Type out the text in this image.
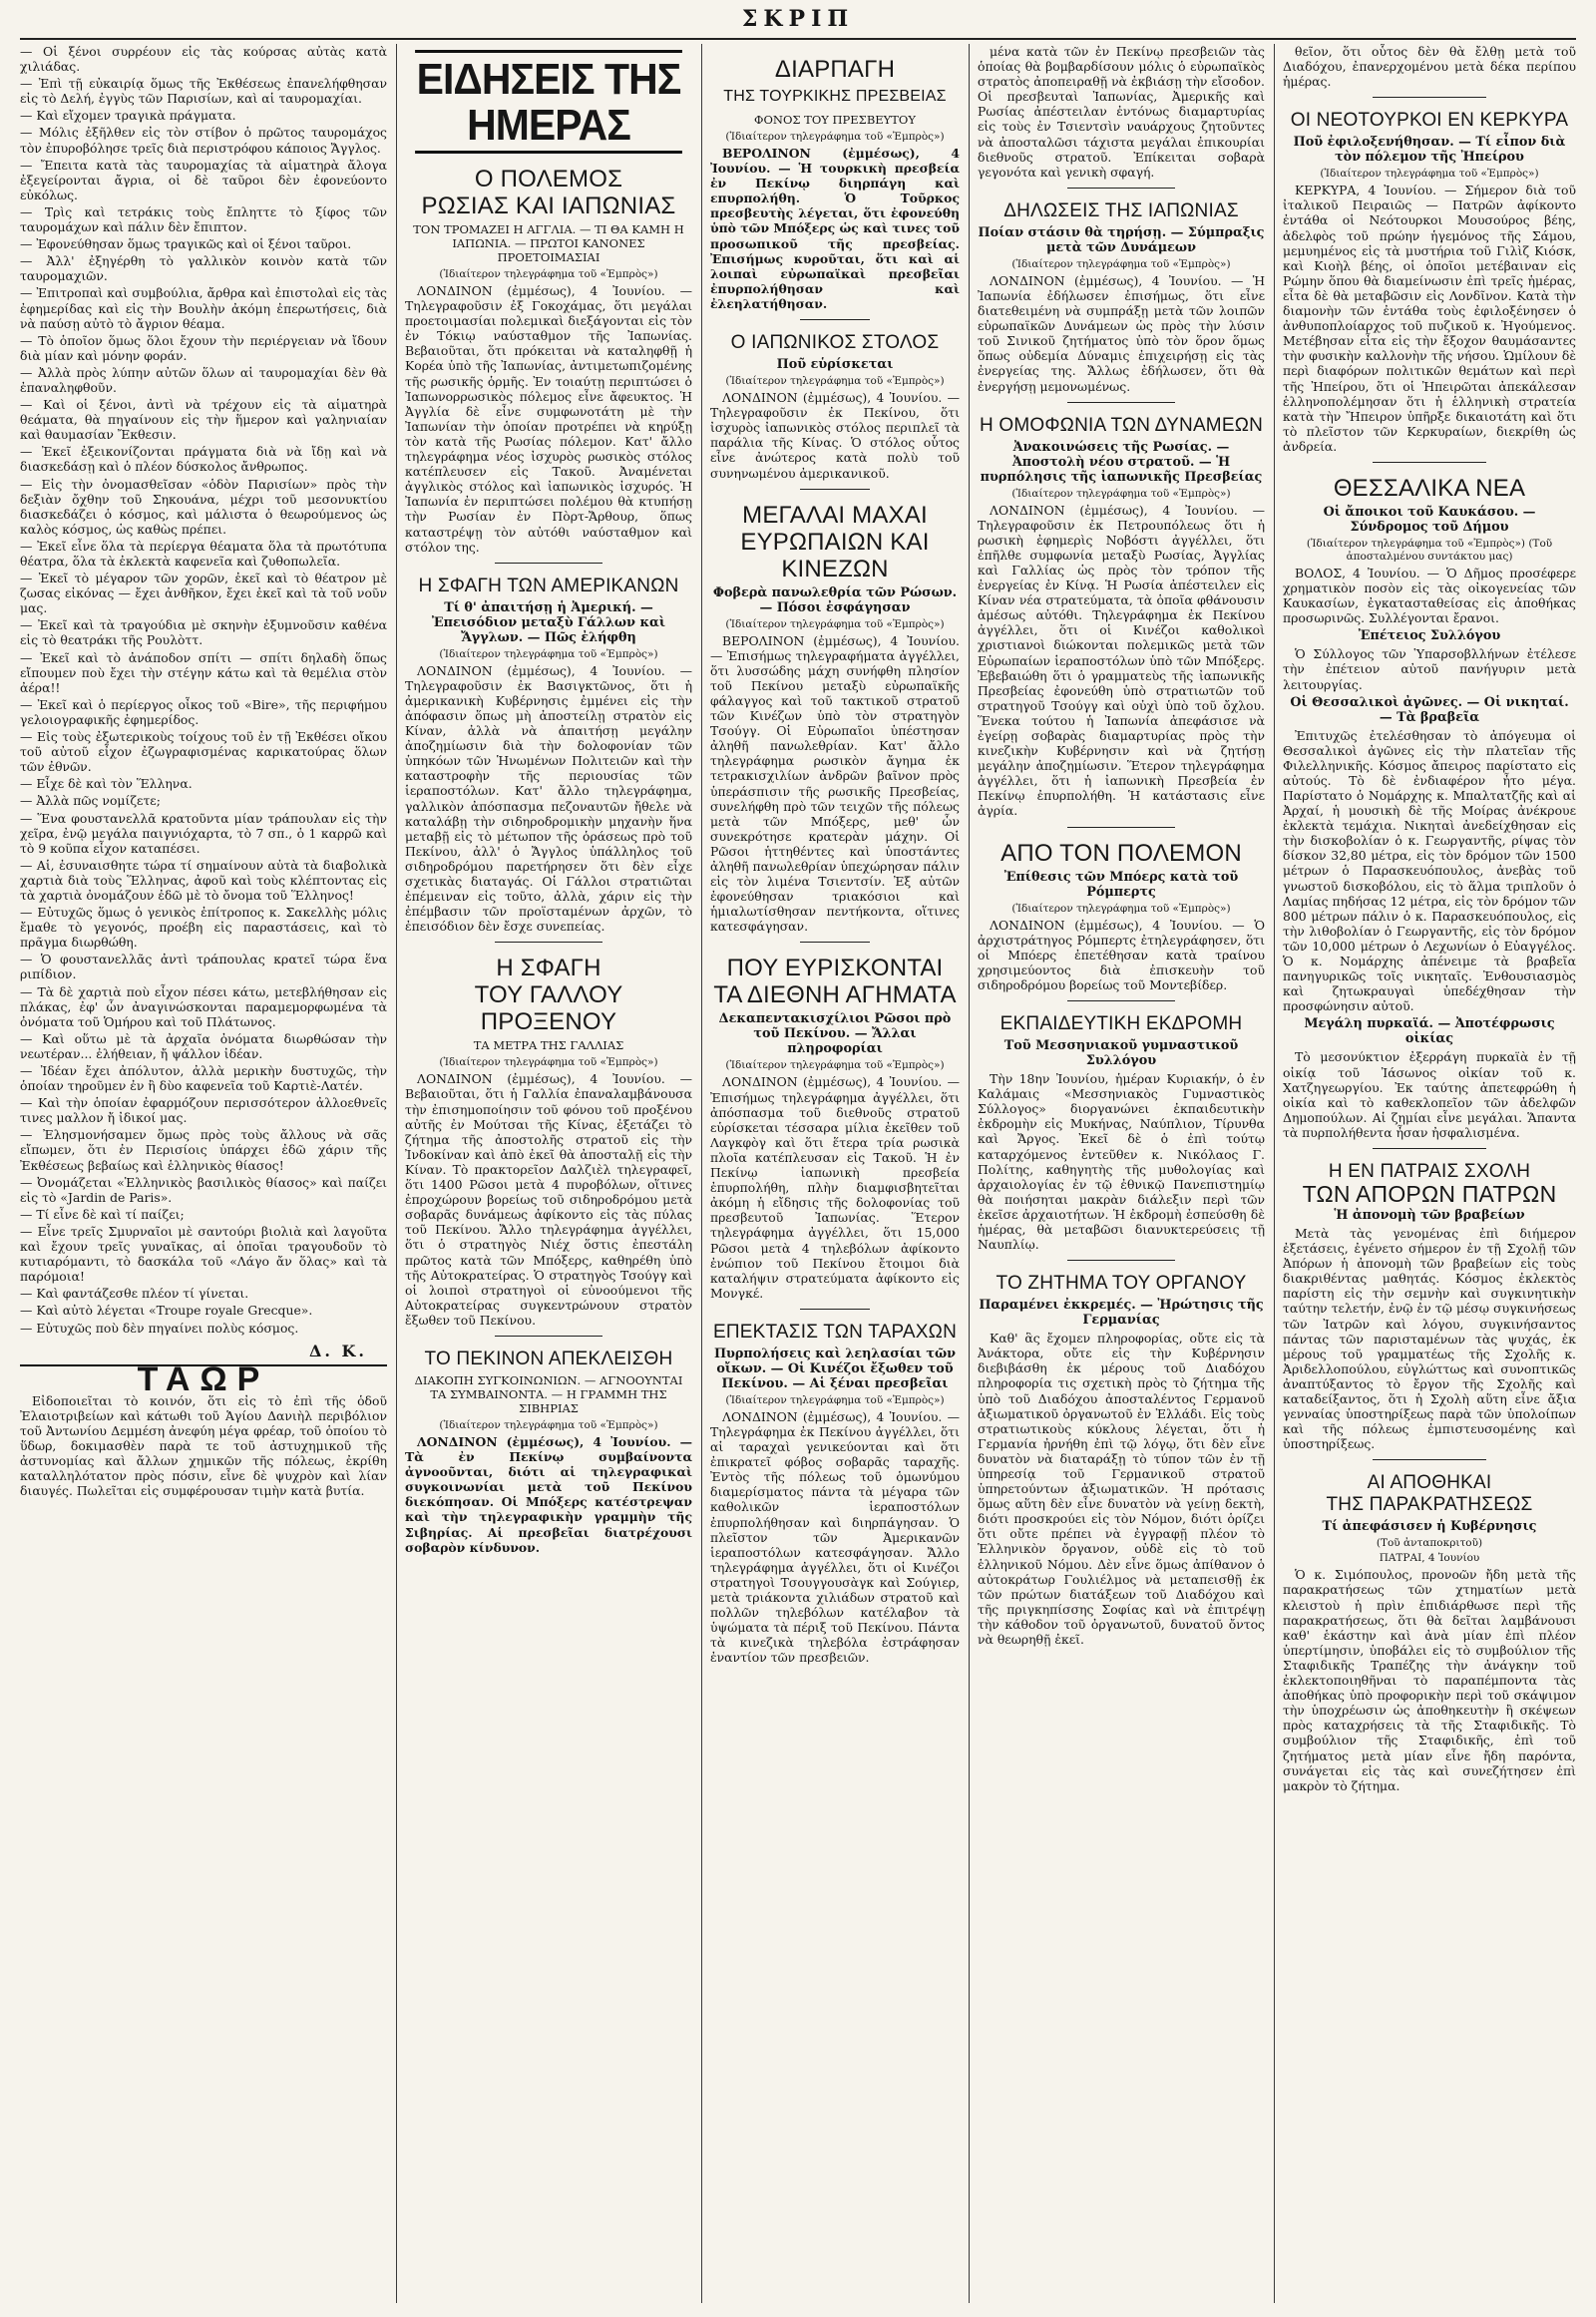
ΣΚΡΙΠ

— Οἱ ξένοι συρρέουν εἰς τὰς κούρσας αὐτὰς κατὰ χιλιάδας.

— Ἐπὶ τῇ εὐκαιρίᾳ ὅμως τῆς Ἐκθέσεως ἐπανελήφθησαν εἰς τὸ Δελή, ἐγγὺς τῶν Παρισίων, καὶ αἱ ταυρομαχίαι.

— Καὶ εἴχομεν τραγικὰ πράγματα.

— Μόλις ἐξῆλθεν εἰς τὸν στίβον ὁ πρῶτος ταυρομάχος τὸν ἐπυροβόλησε τρεῖς διὰ περιστρόφου κάποιος Ἄγγλος.

— Ἔπειτα κατὰ τὰς ταυρομαχίας τὰ αἱματηρὰ ἄλογα ἐξεγείρονται ἄγρια, οἱ δὲ ταῦροι δὲν ἐφονεύοντο εὐκόλως.

— Τρὶς καὶ τετράκις τοὺς ἔπληττε τὸ ξίφος τῶν ταυρομάχων καὶ πάλιν δὲν ἔπιπτον.

— Ἐφονεύθησαν ὅμως τραγικῶς καὶ οἱ ξένοι ταῦροι.

— Ἀλλ' ἐξηγέρθη τὸ γαλλικὸν κοινὸν κατὰ τῶν ταυρομαχιῶν.

— Ἐπιτροπαὶ καὶ συμβούλια, ἄρθρα καὶ ἐπιστολαὶ εἰς τὰς ἐφημερίδας καὶ εἰς τὴν Βουλὴν ἀκόμη ἐπερωτήσεις, διὰ νὰ παύσῃ αὐτὸ τὸ ἄγριον θέαμα.

— Τὸ ὁποῖον ὅμως ὅλοι ἔχουν τὴν περιέργειαν νὰ ἴδουν διὰ μίαν καὶ μόνην φοράν.

— Ἀλλὰ πρὸς λύπην αὐτῶν ὅλων αἱ ταυρομαχίαι δὲν θὰ ἐπαναληφθοῦν.

— Καὶ οἱ ξένοι, ἀντὶ νὰ τρέχουν εἰς τὰ αἱματηρὰ θεάματα, θὰ πηγαίνουν εἰς τὴν ἥμερον καὶ γαληνιαίαν καὶ θαυμασίαν Ἔκθεσιν.

— Ἐκεῖ ἐξεικονίζονται πράγματα διὰ νὰ ἴδῃ καὶ νὰ διασκεδάσῃ καὶ ὁ πλέον δύσκολος ἄνθρωπος.

— Εἰς τὴν ὀνομασθεῖσαν «ὁδὸν Παρισίων» πρὸς τὴν δεξιὰν ὄχθην τοῦ Σηκουάνα, μέχρι τοῦ μεσονυκτίου διασκεδάζει ὁ κόσμος, καὶ μάλιστα ὁ θεωρούμενος ὡς καλὸς κόσμος, ὡς καθὼς πρέπει.

— Ἐκεῖ εἶνε ὅλα τὰ περίεργα θέαματα ὅλα τὰ πρωτότυπα θέατρα, ὅλα τὰ ἐκλεκτὰ καφενεῖα καὶ ζυθοπωλεῖα.

— Ἐκεῖ τὸ μέγαρον τῶν χορῶν, ἐκεῖ καὶ τὸ θέατρον μὲ ζωσας εἰκόνας — ἔχει ἀνθῆκον, ἔχει ἐκεῖ καὶ τὰ τοῦ νοῦν μας.

— Ἐκεῖ καὶ τὰ τραγούδια μὲ σκηνὴν ἐξυμνοῦσιν καθένα εἰς τὸ θεατράκι τῆς Ρουλὸττ.

— Ἐκεῖ καὶ τὸ ἀνάποδον σπίτι — σπίτι δηλαδὴ ὅπως εἴπουμεν ποὺ ἔχει τὴν στέγην κάτω καὶ τὰ θεμέλια στὸν ἀέρα!!

— Ἐκεῖ καὶ ὁ περίεργος οἶκος τοῦ «Bire», τῆς περιφήμου γελοιογραφικῆς ἐφημερίδος.

— Εἰς τοὺς ἐξωτερικοὺς τοίχους τοῦ ἐν τῇ Ἐκθέσει οἴκου τοῦ αὐτοῦ εἶχον ἐζωγραφισμένας καρικατούρας ὅλων τῶν ἐθνῶν.

— Εἶχε δὲ καὶ τὸν Ἕλληνα.

— Ἀλλὰ πῶς νομίζετε;

— Ἕνα φουστανελλᾶ κρατοῦντα μίαν τράπουλαν εἰς τὴν χεῖρα, ἐνῷ μεγάλα παιγνιόχαρτα, τὸ 7 σπ., ὁ 1 καρρῶ καὶ τὸ 9 κοῦπα εἶχον καταπέσει.

— Αἱ, ἐσυναισθητε τώρα τί σημαίνουν αὐτὰ τὰ διαβολικὰ χαρτιὰ διὰ τοὺς Ἕλληνας, ἀφοῦ καὶ τοὺς κλέπτοντας εἰς τὰ χαρτιὰ ὀνομάζουν ἐδῶ μὲ τὸ ὄνομα τοῦ Ἕλληνος!

— Εὐτυχῶς ὅμως ὁ γενικὸς ἐπίτροπος κ. Σακελλὴς μόλις ἔμαθε τὸ γεγονός, προέβη εἰς παραστάσεις, καὶ τὸ πρᾶγμα διωρθώθη.

— Ὁ φουστανελλᾶς ἀντὶ τράπουλας κρατεῖ τώρα ἕνα ριπίδιον.

— Τὰ δὲ χαρτιὰ ποὺ εἶχον πέσει κάτω, μετεβλήθησαν εἰς πλάκας, ἐφ' ὧν ἀναγινώσκονται παραμεμορφωμένα τὰ ὀνόματα τοῦ Ὁμήρου καὶ τοῦ Πλάτωνος.

— Καὶ οὕτω μὲ τὰ ἀρχαῖα ὀνόματα διωρθώσαν τὴν νεωτέραν... ἐλήθειαν, ἤ ψάλλον ἰδέαν.

— Ἰδέαν ἔχει ἀπόλυτον, ἀλλὰ μερικὴν δυστυχῶς, τὴν ὁποίαν τηροῦμεν ἐν ἢ δὺο καφενεῖα τοῦ Καρτιὲ-Λατέν.

— Καὶ τὴν ὁποίαν ἐφαρμόζουν περισσότερον ἀλλοεθνεῖς τινες μαλλον ἤ ἰδικοί μας.

— Ἐλησμονήσαμεν ὅμως πρὸς τοὺς ἄλλους νὰ σᾶς εἴπωμεν, ὅτι ἐν Περισίοις ὑπάρχει ἐδῶ χάριν τῆς Ἐκθέσεως βεβαίως καὶ ἑλληνικὸς θίασος!

— Ὀνομάζεται «Ἑλληνικὸς βασιλικὸς θίασος» καὶ παίζει εἰς τὸ «Jardin de Paris».

— Τί εἶνε δὲ καὶ τί παίζει;

— Εἶνε τρεῖς Σμυρναῖοι μὲ σαντούρι βιολιὰ καὶ λαγοῦτα καὶ ἔχουν τρεῖς γυναῖκας, αἱ ὁποῖαι τραγουδοῦν τὸ κυτιαρόμαντι, τὸ δασκάλα τοῦ «Λάγο ἄν ὅλας» καὶ τὰ παρόμοια!

— Καὶ φαντάζεσθε πλέον τί γίνεται.

— Καὶ αὐτὸ λέγεται «Troupe royale Grecque».

— Εὐτυχῶς ποὺ δὲν πηγαίνει πολὺς κόσμος.

Δ. Κ.
ΤΑΩΡ

Εἰδοποιεῖται τὸ κοινόν, ὅτι εἰς τὸ ἐπὶ τῆς ὁδοῦ Ἐλαιοτριβείων καὶ κάτωθι τοῦ Ἁγίου Δανιὴλ περιβόλιον τοῦ Ἀντωνίου Δεμμέση ἀνεφύη μέγα φρέαρ, τοῦ ὁποίου τὸ ὕδωρ, δοκιμασθὲν παρὰ τε τοῦ ἀστυχημικοῦ τῆς ἀστυνομίας καὶ ἄλλων χημικῶν τῆς πόλεως, ἐκρίθη καταλληλότατον πρὸς πόσιν, εἶνε δὲ ψυχρὸν καὶ λίαν διαυγές. Πωλεῖται εἰς συμφέρουσαν τιμὴν κατὰ βυτία.

ΕΙΔΗΣΕΙΣ ΤΗΣ ΗΜΕΡΑΣ
Ο ΠΟΛΕΜΟΣ
ΡΩΣΙΑΣ ΚΑΙ ΙΑΠΩΝΙΑΣ
ΤΟΝ ΤΡΟΜΑΖΕΙ Η ΑΓΓΛΙΑ. — ΤΙ ΘΑ ΚΑΜΗ Η ΙΑΠΩΝΙΑ. — ΠΡΩΤΟΙ ΚΑΝΟΝΕΣ ΠΡΟΕΤΟΙΜΑΣΙΑΙ
(Ἰδιαίτερον τηλεγράφημα τοῦ «Ἐμπρὸς»)

ΛΟΝΔΙΝΟΝ (ἐμμέσως), 4 Ἰουνίου. — Τηλεγραφοῦσιν ἐξ Γοκοχάμας, ὅτι μεγάλαι προετοιμασίαι πολεμικαὶ διεξάγονται εἰς τὸν ἐν Τόκιῳ ναύσταθμον τῆς Ἰαπωνίας. Βεβαιοῦται, ὅτι πρόκειται νὰ καταληφθῇ ἡ Κορέα ὑπὸ τῆς Ἰαπωνίας, ἀντιμετωπιζομένης τῆς ρωσικῆς ὁρμῆς. Ἐν τοιαύτῃ περιπτώσει ὁ Ἰαπωνορρωσικὸς πόλεμος εἶνε ἄφευκτος. Ἡ Ἀγγλία δὲ εἶνε συμφωνοτάτη μὲ τὴν Ἰαπωνίαν τὴν ὁποίαν προτρέπει νὰ κηρύξῃ τὸν κατὰ τῆς Ρωσίας πόλεμον. Κατ' ἄλλο τηλεγράφημα νέος ἰσχυρὸς ρωσικὸς στόλος κατέπλευσεν εἰς Τακοῦ. Ἀναμένεται ἀγγλικὸς στόλος καὶ ἰαπωνικὸς ἰσχυρός. Ἡ Ἰαπωνία ἐν περιπτώσει πολέμου θὰ κτυπήσῃ τὴν Ρωσίαν ἐν Πὸρτ-Ἄρθουρ, ὅπως καταστρέψῃ τὸν αὐτόθι ναύσταθμον καὶ στόλον της.

Η ΣΦΑΓΗ ΤΩΝ ΑΜΕΡΙΚΑΝΩΝ
Τί θ' ἀπαιτήσῃ ἡ Ἀμερική. — Ἐπεισόδιον μεταξὺ Γάλλων καὶ Ἄγγλων. — Πῶς ἐλήφθη
(Ἰδιαίτερον τηλεγράφημα τοῦ «Ἐμπρὸς»)

ΛΟΝΔΙΝΟΝ (ἐμμέσως), 4 Ἰουνίου. — Τηλεγραφοῦσιν ἐκ Βασιγκτῶνος, ὅτι ἡ ἀμερικανικὴ Κυβέρνησις ἐμμένει εἰς τὴν ἀπόφασιν ὅπως μὴ ἀποστείλῃ στρατὸν εἰς Κίναν, ἀλλὰ νὰ ἀπαιτήσῃ μεγάλην ἀποζημίωσιν διὰ τὴν δολοφονίαν τῶν ὑπηκόων τῶν Ἡνωμένων Πολιτειῶν καὶ τὴν καταστροφὴν τῆς περιουσίας τῶν ἱεραποστόλων. Κατ' ἄλλο τηλεγράφημα, γαλλικὸν ἀπόσπασμα πεζοναυτῶν ἤθελε νὰ καταλάβῃ τὴν σιδηροδρομικὴν μηχανὴν ἥνα μεταβῇ εἰς τὸ μέτωπον τῆς ὁράσεως πρὸ τοῦ Πεκίνου, ἀλλ' ὁ Ἄγγλος ὑπάλληλος τοῦ σιδηροδρόμου παρετήρησεν ὅτι δὲν εἶχε σχετικὰς διαταγάς. Οἱ Γάλλοι στρατιῶται ἐπέμειναν εἰς τοῦτο, ἀλλὰ, χάριν εἰς τὴν ἐπέμβασιν τῶν προϊσταμένων ἀρχῶν, τὸ ἐπεισόδιον δὲν ἔσχε συνεπείας.

Η ΣΦΑΓΗ
ΤΟΥ ΓΑΛΛΟΥ ΠΡΟΞΕΝΟΥ
ΤΑ ΜΕΤΡΑ ΤΗΣ ΓΑΛΛΙΑΣ
(Ἰδιαίτερον τηλεγράφημα τοῦ «Ἐμπρὸς»)

ΛΟΝΔΙΝΟΝ (ἐμμέσως), 4 Ἰουνίου. — Βεβαιοῦται, ὅτι ἡ Γαλλία ἐπαναλαμβάνουσα τὴν ἐπισημοποίησιν τοῦ φόνου τοῦ προξένου αὐτῆς ἐν Μούτσαι τῆς Κίνας, ἐξετάζει τὸ ζήτημα τῆς ἀποστολῆς στρατοῦ εἰς τὴν Ἰνδοκίναν καὶ ἀπὸ ἐκεῖ θὰ ἀποσταλῇ εἰς τὴν Κίναν. Τὸ πρακτορεῖον Δαλζιὲλ τηλεγραφεῖ, ὅτι 1400 Ρῶσοι μετὰ 4 πυροβόλων, οἵτινες ἐπροχώρουν βορείως τοῦ σιδηροδρόμου μετὰ σοβαρᾶς δυνάμεως ἀφίκοντο εἰς τὰς πύλας τοῦ Πεκίνου. Ἄλλο τηλεγράφημα ἀγγέλλει, ὅτι ὁ στρατηγὸς Νιέχ ὅστις ἐπεστάλη πρῶτος κατὰ τῶν Μπόξερς, καθηρέθη ὑπὸ τῆς Αὐτοκρατείρας. Ὁ στρατηγὸς Τσούγγ καὶ οἱ λοιποὶ στρατηγοὶ οἱ εὐνοούμενοι τῆς Αὐτοκρατείρας συγκεντρώνουν στρατὸν ἔξωθεν τοῦ Πεκίνου.

ΤΟ ΠΕΚΙΝΟΝ ΑΠΕΚΛΕΙΣΘΗ
ΔΙΑΚΟΠΗ ΣΥΓΚΟΙΝΩΝΙΩΝ. — ΑΓΝΟΟΥΝΤΑΙ ΤΑ ΣΥΜΒΑΙΝΟΝΤΑ. — Η ΓΡΑΜΜΗ ΤΗΣ ΣΙΒΗΡΙΑΣ
(Ἰδιαίτερον τηλεγράφημα τοῦ «Ἐμπρὸς»)

ΛΟΝΔΙΝΟΝ (ἐμμέσως), 4 Ἰουνίου. — Τὰ ἐν Πεκίνῳ συμβαίνοντα ἀγνοοῦνται, διότι αἱ τηλεγραφικαὶ συγκοινωνίαι μετὰ τοῦ Πεκίνου διεκόπησαν. Οἱ Μπόξερς κατέστρεψαν καὶ τὴν τηλεγραφικὴν γραμμὴν τῆς Σιβηρίας. Αἱ πρεσβεῖαι διατρέχουσι σοβαρὸν κίνδυνον.

ΔΙΑΡΠΑΓΗ
ΤΗΣ ΤΟΥΡΚΙΚΗΣ ΠΡΕΣΒΕΙΑΣ
ΦΟΝΟΣ ΤΟΥ ΠΡΕΣΒΕΥΤΟΥ
(Ἰδιαίτερον τηλεγράφημα τοῦ «Ἐμπρὸς»)

ΒΕΡΟΛΙΝΟΝ (ἐμμέσως), 4 Ἰουνίου. — Ἡ τουρκικὴ πρεσβεία ἐν Πεκίνῳ διηρπάγη καὶ επυρπολήθη. Ὁ Τοῦρκος πρεσβευτὴς λέγεται, ὅτι ἐφονεύθη ὑπὸ τῶν Μπόξερς ὡς καὶ τινες τοῦ προσωπικοῦ τῆς πρεσβείας. Ἐπισήμως κυροῦται, ὅτι καὶ αἱ λοιπαὶ εὐρωπαϊκαὶ πρεσβεῖαι ἐπυρπολήθησαν καὶ ἐλεηλατήθησαν.

Ο ΙΑΠΩΝΙΚΟΣ ΣΤΟΛΟΣ
Ποῦ εὑρίσκεται
(Ἰδιαίτερον τηλεγράφημα τοῦ «Ἐμπρὸς»)

ΛΟΝΔΙΝΟΝ (ἐμμέσως), 4 Ἰουνίου. — Τηλεγραφοῦσιν ἐκ Πεκίνου, ὅτι ἰσχυρὸς ἰαπωνικὸς στόλος περιπλεῖ τὰ παράλια τῆς Κίνας. Ὁ στόλος οὗτος εἶνε ἀνώτερος κατὰ πολὺ τοῦ συνηνωμένου ἀμερικανικοῦ.

ΜΕΓΑΛΑΙ ΜΑΧΑΙ
ΕΥΡΩΠΑΙΩΝ ΚΑΙ ΚΙΝΕΖΩΝ
Φοβερὰ πανωλεθρία τῶν Ρώσων. — Πόσοι ἐσφάγησαν
(Ἰδιαίτερον τηλεγράφημα τοῦ «Ἐμπρὸς»)

ΒΕΡΟΛΙΝΟΝ (ἐμμέσως), 4 Ἰουνίου. — Ἐπισήμως τηλεγραφήματα ἀγγέλλει, ὅτι λυσσώδης μάχη συνήφθη πλησίον τοῦ Πεκίνου μεταξὺ εὐρωπαϊκῆς φάλαγγος καὶ τοῦ τακτικοῦ στρατοῦ τῶν Κινέζων ὑπὸ τὸν στρατηγὸν Τσούγγ. Οἱ Εὐρωπαῖοι ὑπέστησαν ἀληθῆ πανωλεθρίαν. Κατ' ἄλλο τηλεγράφημα ρωσικὸν ἄγημα ἐκ τετρακισχιλίων ἀνδρῶν βαῖνον πρὸς ὑπεράσπισιν τῆς ρωσικῆς Πρεσβείας, συνελήφθη πρὸ τῶν τειχῶν τῆς πόλεως μετὰ τῶν Μπόξερς, μεθ' ὧν συνεκρότησε κρατερὰν μάχην. Οἱ Ρῶσοι ἡττηθέντες καὶ ὑποστάντες ἀληθῆ πανωλεθρίαν ὑπεχώρησαν πάλιν εἰς τὸν λιμένα Τσιεντσίν. Ἐξ αὐτῶν ἐφονεύθησαν τριακόσιοι καὶ ἡμιαλωτίσθησαν πεντήκοντα, οἵτινες κατεσφάγησαν.

ΠΟΥ ΕΥΡΙΣΚΟΝΤΑΙ
ΤΑ ΔΙΕΘΝΗ ΑΓΗΜΑΤΑ
Δεκαπεντακισχίλιοι Ρῶσοι πρὸ τοῦ Πεκίνου. — Ἄλλαι πληροφορίαι
(Ἰδιαίτερον τηλεγράφημα τοῦ «Ἐμπρὸς»)

ΛΟΝΔΙΝΟΝ (ἐμμέσως), 4 Ἰουνίου. — Ἐπισήμως τηλεγράφημα ἀγγέλλει, ὅτι ἀπόσπασμα τοῦ διεθνοῦς στρατοῦ εὑρίσκεται τέσσαρα μίλια ἐκεῖθεν τοῦ Λαγκφὸγ καὶ ὅτι ἕτερα τρία ρωσικὰ πλοῖα κατέπλευσαν εἰς Τακοῦ. Ἡ ἐν Πεκίνῳ ἰαπωνικὴ πρεσβεία ἐπυρπολήθη, πλὴν διαμφισβητεῖται ἀκόμη ἡ εἴδησις τῆς δολοφονίας τοῦ πρεσβευτοῦ Ἰαπωνίας. Ἕτερον τηλεγράφημα ἀγγέλλει, ὅτι 15,000 Ρῶσοι μετὰ 4 τηλεβόλων ἀφίκοντο ἐνώπιον τοῦ Πεκίνου ἔτοιμοι διὰ καταλήψιν στρατεύματα ἀφίκοντο εἰς Μονγκέ.

ΕΠΕΚΤΑΣΙΣ ΤΩΝ ΤΑΡΑΧΩΝ
Πυρπολήσεις καὶ λεηλασίαι τῶν οἴκων. — Οἱ Κινέζοι ἔξωθεν τοῦ Πεκίνου. — Αἱ ξέναι πρεσβεῖαι
(Ἰδιαίτερον τηλεγράφημα τοῦ «Ἐμπρὸς»)

ΛΟΝΔΙΝΟΝ (ἐμμέσως), 4 Ἰουνίου. — Τηλεγράφημα ἐκ Πεκίνου ἀγγέλλει, ὅτι αἱ ταραχαὶ γενικεύονται καὶ ὅτι ἐπικρατεῖ φόβος σοβαρᾶς ταραχῆς. Ἐντὸς τῆς πόλεως τοῦ ὁμωνύμου διαμερίσματος πάντα τὰ μέγαρα τῶν καθολικῶν ἱεραποστόλων ἐπυρπολήθησαν καὶ διηρπάγησαν. Ὁ πλεῖστον τῶν Ἀμερικανῶν ἱεραποστόλων κατεσφάγησαν. Ἄλλο τηλεγράφημα ἀγγέλλει, ὅτι οἱ Κινέζοι στρατηγοὶ Τσουγγουσὰγκ καὶ Σούγιερ, μετὰ τριάκοντα χιλιάδων στρατοῦ καὶ πολλῶν τηλεβόλων κατέλαβον τὰ ὑψώματα τὰ πέριξ τοῦ Πεκίνου. Πάντα τὰ κινεζικὰ τηλεβόλα ἐστράφησαν ἐναντίον τῶν πρεσβειῶν.

μένα κατὰ τῶν ἐν Πεκίνῳ πρεσβειῶν τὰς ὁποίας θὰ βομβαρδίσουν μόλις ὁ εὐρωπαϊκὸς στρατὸς ἀποπειραθῇ νὰ ἐκβιάσῃ τὴν εἴσοδον. Οἱ πρεσβευταὶ Ἰαπωνίας, Ἀμερικῆς καὶ Ρωσίας ἀπέστειλαν ἐντόνως διαμαρτυρίας εἰς τοὺς ἐν Τσιεντσὶν ναυάρχους ζητοῦντες νὰ ἀποσταλῶσι τάχιστα μεγάλαι ἐπικουρίαι διεθνοῦς στρατοῦ. Ἐπίκειται σοβαρὰ γεγονότα καὶ γενικὴ σφαγή.

ΔΗΛΩΣΕΙΣ ΤΗΣ ΙΑΠΩΝΙΑΣ
Ποίαν στάσιν θὰ τηρήσῃ. — Σύμπραξις μετὰ τῶν Δυνάμεων
(Ἰδιαίτερον τηλεγράφημα τοῦ «Ἐμπρὸς»)

ΛΟΝΔΙΝΟΝ (ἐμμέσως), 4 Ἰουνίου. — Ἡ Ἰαπωνία ἐδήλωσεν ἐπισήμως, ὅτι εἶνε διατεθειμένη νὰ συμπράξῃ μετὰ τῶν λοιπῶν εὐρωπαϊκῶν Δυνάμεων ὡς πρὸς τὴν λύσιν τοῦ Σινικοῦ ζητήματος ὑπὸ τὸν ὅρον ὅμως ὅπως οὐδεμία Δύναμις ἐπιχειρήσῃ εἰς τὰς ἐνεργείας της. Ἄλλως ἐδήλωσεν, ὅτι θὰ ἐνεργήσῃ μεμονωμένως.

Η ΟΜΟΦΩΝΙΑ ΤΩΝ ΔΥΝΑΜΕΩΝ
Ἀνακοινώσεις τῆς Ρωσίας. — Ἀποστολὴ νέου στρατοῦ. — Ἡ πυρπόλησις τῆς ἰαπωνικῆς Πρεσβείας
(Ἰδιαίτερον τηλεγράφημα τοῦ «Ἐμπρὸς»)

ΛΟΝΔΙΝΟΝ (ἐμμέσως), 4 Ἰουνίου. — Τηλεγραφοῦσιν ἐκ Πετρουπόλεως ὅτι ἡ ρωσικὴ ἐφημερὶς Νοβόστι ἀγγέλλει, ὅτι ἐπῆλθε συμφωνία μεταξὺ Ρωσίας, Ἀγγλίας καὶ Γαλλίας ὡς πρὸς τὸν τρόπον τῆς ἐνεργείας ἐν Κίνᾳ. Ἡ Ρωσία ἀπέστειλεν εἰς Κίναν νέα στρατεύματα, τὰ ὁποῖα φθάνουσιν ἀμέσως αὐτόθι. Τηλεγράφημα ἐκ Πεκίνου ἀγγέλλει, ὅτι οἱ Κινέζοι καθολικοὶ χριστιανοὶ διώκονται πολεμικῶς μετὰ τῶν Εὐρωπαίων ἱεραποστόλων ὑπὸ τῶν Μπόξερς. Ἐβεβαιώθη ὅτι ὁ γραμματεὺς τῆς ἰαπωνικῆς Πρεσβείας ἐφονεύθη ὑπὸ στρατιωτῶν τοῦ στρατηγοῦ Τσούγγ καὶ οὐχὶ ὑπὸ τοῦ ὄχλου. Ἕνεκα τούτου ἡ Ἰαπωνία ἀπεφάσισε νὰ ἐγείρῃ σοβαρὰς διαμαρτυρίας πρὸς τὴν κινεζικὴν Κυβέρνησιν καὶ νὰ ζητήσῃ μεγάλην ἀποζημίωσιν. Ἕτερον τηλεγράφημα ἀγγέλλει, ὅτι ἡ ἰαπωνικὴ Πρεσβεία ἐν Πεκίνῳ ἐπυρπολήθη. Ἡ κατάστασις εἶνε ἀγρία.

ΑΠΟ ΤΟΝ ΠΟΛΕΜΟΝ
Ἐπίθεσις τῶν Μπόερς κατὰ τοῦ Ρόμπερτς
(Ἰδιαίτερον τηλεγράφημα τοῦ «Ἐμπρὸς»)

ΛΟΝΔΙΝΟΝ (ἐμμέσως), 4 Ἰουνίου. — Ὁ ἀρχιστράτηγος Ρόμπερτς ἐτηλεγράφησεν, ὅτι οἱ Μπόερς ἐπετέθησαν κατὰ τραίνου χρησιμεύοντος διὰ ἐπισκευὴν τοῦ σιδηροδρόμου βορείως τοῦ Μοντεβίδερ.

ΕΚΠΑΙΔΕΥΤΙΚΗ ΕΚΔΡΟΜΗ
Τοῦ Μεσσηνιακοῦ γυμναστικοῦ Συλλόγου

Τὴν 18ην Ἰουνίου, ἡμέραν Κυριακήν, ὁ ἐν Καλάμαις «Μεσσηνιακὸς Γυμναστικὸς Σύλλογος» διοργανώνει ἐκπαιδευτικὴν ἐκδρομὴν εἰς Μυκήνας, Ναύπλιον, Τίρυνθα καὶ Ἄργος. Ἐκεῖ δὲ ὁ ἐπὶ τούτῳ καταρχόμενος ἐντεῦθεν κ. Νικόλαος Γ. Πολίτης, καθηγητὴς τῆς μυθολογίας καὶ ἀρχαιολογίας ἐν τῷ ἐθνικῷ Πανεπιστημίῳ θὰ ποιήσηται μακρὰν διάλεξιν περὶ τῶν ἐκεῖσε ἀρχαιοτήτων. Ἡ ἐκδρομὴ ἐσπεύσθη δὲ ἡμέρας, θὰ μεταβῶσι διανυκτερεύσεις τῇ Ναυπλίῳ.

ΤΟ ΖΗΤΗΜΑ ΤΟΥ ΟΡΓΑΝΟΥ
Παραμένει ἐκκρεμές. — Ἠρώτησις τῆς Γερμανίας

Καθ' ἃς ἔχομεν πληροφορίας, οὔτε εἰς τὰ Ἀνάκτορα, οὔτε εἰς τὴν Κυβέρνησιν διεβιβάσθη ἐκ μέρους τοῦ Διαδόχου πληροφορία τις σχετικὴ πρὸς τὸ ζήτημα τῆς ὑπὸ τοῦ Διαδόχου ἀποσταλέντος Γερμανοῦ ἀξιωματικοῦ ὀργανωτοῦ ἐν Ἑλλάδι. Εἰς τοὺς στρατιωτικοὺς κύκλους λέγεται, ὅτι ἡ Γερμανία ἠρνήθη ἐπὶ τῷ λόγῳ, ὅτι δὲν εἶνε δυνατὸν νὰ διαταράξῃ τὸ τύπον τῶν ἐν τῇ ὑπηρεσίᾳ τοῦ Γερμανικοῦ στρατοῦ ὑπηρετούντων ἀξιωματικῶν. Ἡ πρότασις ὅμως αὕτη δὲν εἶνε δυνατὸν νὰ γείνῃ δεκτὴ, διότι προσκρούει εἰς τὸν Νόμον, διότι ὁρίζει ὅτι οὔτε πρέπει νὰ ἐγγραφῇ πλέον τὸ Ἑλληνικὸν ὄργανον, οὐδὲ εἰς τὸ τοῦ ἑλληνικοῦ Νόμου. Δὲν εἶνε ὅμως ἀπίθανον ὁ αὐτοκράτωρ Γουλιέλμος νὰ μεταπεισθῇ ἐκ τῶν πρώτων διατάξεων τοῦ Διαδόχου καὶ τῆς πριγκηπίσσης Σοφίας καὶ νὰ ἐπιτρέψῃ τὴν κάθοδον τοῦ ὀργανωτοῦ, δυνατοῦ ὄντος νὰ θεωρηθῇ ἐκεῖ.

θεῖον, ὅτι οὗτος δὲν θὰ ἔλθῃ μετὰ τοῦ Διαδόχου, ἐπανερχομένου μετὰ δέκα περίπου ἡμέρας.

ΟΙ ΝΕΟΤΟΥΡΚΟΙ ΕΝ ΚΕΡΚΥΡΑ
Ποῦ ἐφιλοξενήθησαν. — Τί εἶπον διὰ τὸν πόλεμον τῆς Ἠπείρου
(Ἰδιαίτερον τηλεγράφημα τοῦ «Ἐμπρὸς»)

ΚΕΡΚΥΡΑ, 4 Ἰουνίου. — Σήμερον διὰ τοῦ ἰταλικοῦ Πειραιῶς — Πατρῶν ἀφίκοντο ἐντάθα οἱ Νεότουρκοι Μουσούρος βέης, ἀδελφὸς τοῦ πρώην ἡγεμόνος τῆς Σάμου, μεμυημένος εἰς τὰ μυστήρια τοῦ Γιλὶζ Κιόσκ, καὶ Κιοὴλ βέης, οἱ ὁποῖοι μετέβαιναν εἰς Ρώμην ὅπου θὰ διαμείνωσιν ἐπὶ τρεῖς ἡμέρας, εἶτα δὲ θὰ μεταβῶσιν εἰς Λονδῖνον. Κατὰ τὴν διαμονὴν τῶν ἐντάθα τοὺς ἐφιλοξένησεν ὁ ἀνθυποπλοίαρχος τοῦ πυζικοῦ κ. Ἠγούμενος. Μετέβησαν εἶτα εἰς τὴν ἔξοχον θαυμάσαντες τὴν φυσικὴν καλλονὴν τῆς νήσου. Ὡμίλουν δὲ περὶ διαφόρων πολιτικῶν θεμάτων καὶ περὶ τῆς Ἠπείρου, ὅτι οἱ Ἠπειρῶται ἀπεκάλεσαν ἑλληνοπολέμησαν ὅτι ἡ ἑλληνικὴ στρατεία κατὰ τὴν Ἤπειρον ὑπῆρξε δικαιοτάτη καὶ ὅτι τὸ πλεῖστον τῶν Κερκυραίων, διεκρίθη ὡς ἀνδρεία.

ΘΕΣΣΑΛΙΚΑ ΝΕΑ
Οἱ ἄποικοι τοῦ Καυκάσου. — Σύνδρομος τοῦ Δήμου
(Ἰδιαίτερον τηλεγράφημα τοῦ «Ἐμπρὸς») (Τοῦ ἀποσταλμένου συντάκτου μας)

ΒΟΛΟΣ, 4 Ἰουνίου. — Ὁ Δῆμος προσέφερε χρηματικὸν ποσὸν εἰς τὰς οἰκογενείας τῶν Καυκασίων, ἐγκατασταθείσας εἰς ἀποθήκας προσωρινῶς. Συλλέγονται ἔρανοι.

Ἐπέτειος Συλλόγου

Ὁ Σύλλογος τῶν Ὑπαρσοβλλήνων ἐτέλεσε τὴν ἐπέτειον αὐτοῦ πανήγυριν μετὰ λειτουργίας.

Οἱ Θεσσαλικοὶ ἀγῶνες. — Οἱ νικηταί. — Τὰ βραβεῖα

Ἐπιτυχῶς ἐτελέσθησαν τὸ ἀπόγευμα οἱ Θεσσαλικοὶ ἀγῶνες εἰς τὴν πλατεῖαν τῆς Φιλελληνικῆς. Κόσμος ἄπειρος παρίστατο εἰς αὐτούς. Τὸ δὲ ἐνδιαφέρον ἦτο μέγα. Παρίστατο ὁ Νομάρχης κ. Μπαλτατζῆς καὶ αἱ Ἀρχαί, ἡ μουσικὴ δὲ τῆς Μοίρας ἀνέκρουε ἐκλεκτὰ τεμάχια. Νικηταὶ ἀνεδείχθησαν εἰς τὴν δισκοβολίαν ὁ κ. Γεωργαντῆς, ρίψας τὸν δίσκον 32,80 μέτρα, εἰς τὸν δρόμον τῶν 1500 μέτρων ὁ Παρασκευόπουλος, ἀνεβὰς τοῦ γνωστοῦ δισκοβόλου, εἰς τὸ ἅλμα τριπλοῦν ὁ Λαμίας πηδήσας 12 μέτρα, εἰς τὸν δρόμον τῶν 800 μέτρων πάλιν ὁ κ. Παρασκευόπουλος, εἰς τὴν λιθοβολίαν ὁ Γεωργαντῆς, εἰς τὸν δρόμον τῶν 10,000 μέτρων ὁ Λεχωνίων ὁ Εὐαγγέλος. Ὁ κ. Νομάρχης ἀπένειμε τὰ βραβεῖα πανηγυρικῶς τοῖς νικηταῖς. Ἐνθουσιασμὸς καὶ ζητωκραυγαὶ ὑπεδέχθησαν τὴν προσφώνησιν αὐτοῦ.

Μεγάλη πυρκαϊά. — Ἀποτέφρωσις οἰκίας

Τὸ μεσονύκτιον ἐξερράγη πυρκαϊὰ ἐν τῇ οἰκίᾳ τοῦ Ἰάσωνος οἰκίαν τοῦ κ. Χατζηγεωργίου. Ἐκ ταύτης ἀπετεφρώθη ἡ οἰκία καὶ τὸ καθεκλοπεῖον τῶν ἀδελφῶν Δημοπούλων. Αἱ ζημίαι εἶνε μεγάλαι. Ἅπαντα τὰ πυρπολήθεντα ἦσαν ἠσφαλισμένα.

Η ΕΝ ΠΑΤΡΑΙΣ ΣΧΟΛΗ
ΤΩΝ ΑΠΟΡΩΝ ΠΑΤΡΩΝ
Ἡ ἀπονομὴ τῶν βραβείων

Μετὰ τὰς γενομένας ἐπὶ διήμερον ἐξετάσεις, ἐγένετο σήμερον ἐν τῇ Σχολῇ τῶν Ἀπόρων ἡ ἀπονομὴ τῶν βραβείων εἰς τοὺς διακριθέντας μαθητάς. Κόσμος ἐκλεκτὸς παρίστη εἰς τὴν σεμνὴν καὶ συγκινητικὴν ταύτην τελετήν, ἐνῷ ἐν τῷ μέσῳ συγκινήσεως τῶν Ἰατρῶν καὶ λόγου, συγκινήσαντος πάντας τῶν παρισταμένων τὰς ψυχάς, ἐκ μέρους τοῦ γραμματέως τῆς Σχολῆς κ. Ἀριδελλοπούλου, εὐγλώττως καὶ συνοπτικῶς ἀναπτύξαντος τὸ ἔργον τῆς Σχολῆς καὶ καταδείξαντος, ὅτι ἡ Σχολὴ αὕτη εἶνε ἄξια γενναίας ὑποστηρίξεως παρὰ τῶν ὑπολοίπων καὶ τῆς πόλεως ἐμπιστευσομένης καὶ ὑποστηρίξεως.

ΑΙ ΑΠΟΘΗΚΑΙ
ΤΗΣ ΠΑΡΑΚΡΑΤΗΣΕΩΣ
Τί ἀπεφάσισεν ἡ Κυβέρνησις
(Τοῦ ἀνταποκριτοῦ)
ΠΑΤΡΑΙ, 4 Ἰουνίου

Ὁ κ. Σιμόπουλος, προνοῶν ἤδη μετὰ τῆς παρακρατήσεως τῶν χτηματίων μετὰ κλειστοὺ ἡ πρὶν ἐπιδιάρθωσε περὶ τῆς παρακρατήσεως, ὅτι θὰ δεῖται λαμβάνουσι καθ' ἑκάστην καὶ ἀνὰ μίαν ἐπὶ πλέον ὑπερτίμησιν, ὑποβάλει εἰς τὸ συμβούλιον τῆς Σταφιδικῆς Τραπέζης τὴν ἀνάγκην τοῦ ἐκλεκτοποιηθῆναι τὸ παραπέμποντα τὰς ἀποθήκας ὑπὸ προφορικὴν περὶ τοῦ σκάψιμον τὴν ὑποχρέωσιν ὡς ἀποθηκευτὴν ἢ σκέψεων πρὸς καταχρήσεις τὰ τῆς Σταφιδικῆς. Τὸ συμβούλιον τῆς Σταφιδικῆς, ἐπὶ τοῦ ζητήματος μετὰ μίαν εἶνε ἤδη παρόντα, συνάγεται εἰς τὰς καὶ συνεζήτησεν ἐπὶ μακρὸν τὸ ζήτημα.
